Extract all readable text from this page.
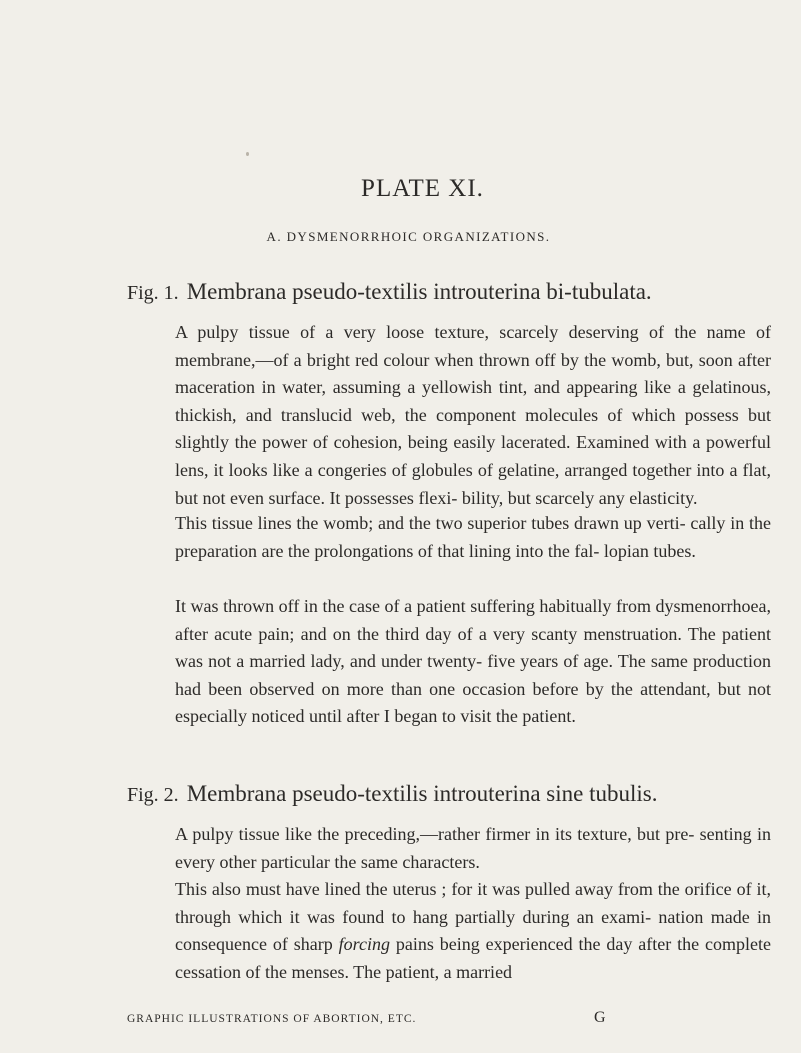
PLATE XI.
A. DYSMENORRHOIC ORGANIZATIONS.
Fig. 1. Membrana pseudo-textilis introuterina bi-tubulata.

A pulpy tissue of a very loose texture, scarcely deserving of the name of membrane,—of a bright red colour when thrown off by the womb, but, soon after maceration in water, assuming a yellowish tint, and appearing like a gelatinous, thickish, and translucid web, the component molecules of which possess but slightly the power of cohesion, being easily lacerated. Examined with a powerful lens, it looks like a congeries of globules of gelatine, arranged together into a flat, but not even surface. It possesses flexi- bility, but scarcely any elasticity.

This tissue lines the womb; and the two superior tubes drawn up verti- cally in the preparation are the prolongations of that lining into the fal- lopian tubes.

It was thrown off in the case of a patient suffering habitually from dysmenorrhoea, after acute pain; and on the third day of a very scanty menstruation. The patient was not a married lady, and under twenty- five years of age. The same production had been observed on more than one occasion before by the attendant, but not especially noticed until after I began to visit the patient.

Fig. 2. Membrana pseudo-textilis introuterina sine tubulis.

A pulpy tissue like the preceding,—rather firmer in its texture, but pre- senting in every other particular the same characters.

This also must have lined the uterus ; for it was pulled away from the orifice of it, through which it was found to hang partially during an exami- nation made in consequence of sharp forcing pains being experienced the day after the complete cessation of the menses. The patient, a married

GRAPHIC ILLUSTRATIONS OF ABORTION, ETC.	G
